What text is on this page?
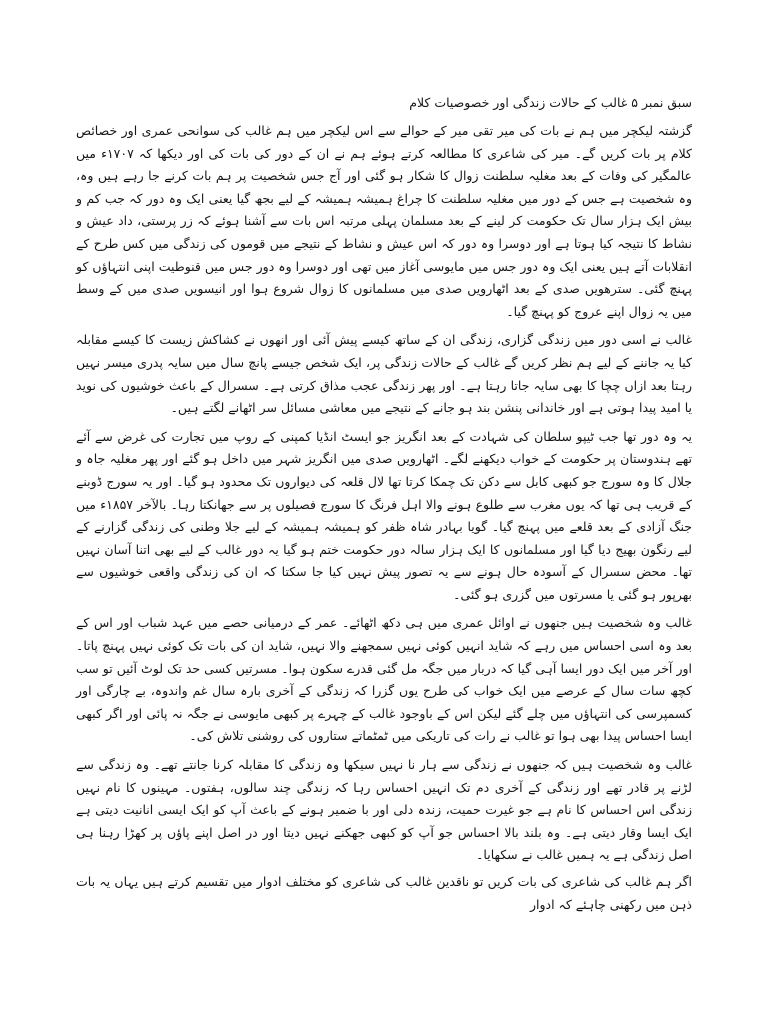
سبق نمبر ۵ غالب کے حالات زندگی اور خصوصیات کلام

گزشتہ لیکچر میں ہم نے بات کی میر تقی میر کے حوالے سے اس لیکچر میں ہم غالب کی سوانحی عمری اور خصائص کلام پر بات کریں گے۔ میر کی شاعری کا مطالعہ کرتے ہوئے ہم نے ان کے دور کی بات کی اور دیکھا کہ ۱۷۰۷ء میں عالمگیر کی وفات کے بعد مغلیہ سلطنت زوال کا شکار ہو گئی اور آج جس شخصیت پر ہم بات کرنے جا رہے ہیں وہ، وہ شخصیت ہے جس کے دور میں مغلیہ سلطنت کا چراغ ہمیشہ ہمیشہ کے لیے بجھ گیا یعنی ایک وہ دور کہ جب کم و بیش ایک ہزار سال تک حکومت کر لینے کے بعد مسلمان پہلی مرتبہ اس بات سے آشنا ہوئے کہ زر پرستی، داد عیش و نشاط کا نتیجہ کیا ہوتا ہے اور دوسرا وہ دور کہ اس عیش و نشاط کے نتیجے میں قوموں کی زندگی میں کس طرح کے انقلابات آتے ہیں یعنی ایک وہ دور جس میں مایوسی آغاز میں تھی اور دوسرا وہ دور جس میں قنوطیت اپنی انتہاؤں کو پہنچ گئی۔ سترھویں صدی کے بعد اٹھارویں صدی میں مسلمانوں کا زوال شروع ہوا اور انیسویں صدی میں کے وسط میں یہ زوال اپنے عروج کو پہنچ گیا۔

غالب نے اسی دور میں زندگی گزاری، زندگی ان کے ساتھ کیسے پیش آئی اور انھوں نے کشاکش زیست کا کیسے مقابلہ کیا یہ جاننے کے لیے ہم نظر کریں گے غالب کے حالات زندگی پر، ایک شخص جیسے پانچ سال میں سایہ پدری میسر نہیں رہتا بعد ازاں چچا کا بھی سایہ جاتا رہتا ہے۔ اور پھر زندگی عجب مذاق کرتی ہے۔ سسرال کے باعث خوشیوں کی نوید یا امید پیدا ہوتی ہے اور خاندانی پنشن بند ہو جانے کے نتیجے میں معاشی مسائل سر اٹھانے لگتے ہیں۔

یہ وہ دور تھا جب ٹیپو سلطان کی شہادت کے بعد انگریز جو ایسٹ انڈیا کمپنی کے روپ میں تجارت کی غرض سے آئے تھے ہندوستان پر حکومت کے خواب دیکھنے لگے۔ اٹھارویں صدی میں انگریز شہر میں داخل ہو گئے اور پھر مغلیہ جاہ و جلال کا وہ سورج جو کبھی کابل سے دکن تک چمکا کرتا تھا لال قلعہ کی دیواروں تک محدود ہو گیا۔ اور یہ سورج ڈوبنے کے قریب ہی تھا کہ یوں مغرب سے طلوع ہونے والا اہل فرنگ کا سورج فصیلوں پر سے جھانکتا رہا۔ بالآخر ۱۸۵۷ء میں جنگ آزادی کے بعد قلعے میں پہنچ گیا۔ گویا بہادر شاہ ظفر کو ہمیشہ ہمیشہ کے لیے جلا وطنی کی زندگی گزارنے کے لیے رنگون بھیج دیا گیا اور مسلمانوں کا ایک ہزار سالہ دور حکومت ختم ہو گیا یہ دور غالب کے لیے بھی اتنا آسان نہیں تھا۔ محض سسرال کے آسودہ حال ہونے سے یہ تصور پیش نہیں کیا جا سکتا کہ ان کی زندگی واقعی خوشیوں سے بھرپور ہو گئی یا مسرتوں میں گزری ہو گئی۔

غالب وہ شخصیت ہیں جنھوں نے اوائل عمری میں ہی دکھ اٹھائے۔ عمر کے درمیانی حصے میں عہد شباب اور اس کے بعد وہ اسی احساس میں رہے کہ شاید انہیں کوئی نہیں سمجھنے والا نہیں، شاید ان کی بات تک کوئی نہیں پہنچ پاتا۔ اور آخر میں ایک دور ایسا آہی گیا کہ دربار میں جگہ مل گئی قدرے سکون ہوا۔ مسرتیں کسی حد تک لوٹ آئیں تو سب کچھ سات سال کے عرصے میں ایک خواب کی طرح یوں گزرا کہ زندگی کے آخری بارہ سال غم واندوہ، بے چارگی اور کسمپرسی کی انتہاؤں میں چلے گئے لیکن اس کے باوجود غالب کے چہرے پر کبھی مایوسی نے جگہ نہ پائی اور اگر کبھی ایسا احساس پیدا بھی ہوا تو غالب نے رات کی تاریکی میں ٹمٹماتے ستاروں کی روشنی تلاش کی۔

غالب وہ شخصیت ہیں کہ جنھوں نے زندگی سے ہار نا نہیں سیکھا وہ زندگی کا مقابلہ کرنا جانتے تھے۔ وہ زندگی سے لڑنے پر قادر تھے اور زندگی کے آخری دم تک انہیں احساس رہا کہ زندگی چند سالوں، ہفتوں۔ مہینوں کا نام نہیں زندگی اس احساس کا نام ہے جو غیرت حمیت، زندہ دلی اور با ضمیر ہونے کے باعث آپ کو ایک ایسی انانیت دیتی ہے ایک ایسا وقار دیتی ہے۔ وہ بلند بالا احساس جو آپ کو کبھی جھکنے نہیں دیتا اور در اصل اپنے پاؤں پر کھڑا رہنا ہی اصل زندگی ہے یہ ہمیں غالب نے سکھایا۔

اگر ہم غالب کی شاعری کی بات کریں تو ناقدین غالب کی شاعری کو مختلف ادوار میں تقسیم کرتے ہیں یہاں یہ بات ذہن میں رکھنی چاہئے کہ ادوار
